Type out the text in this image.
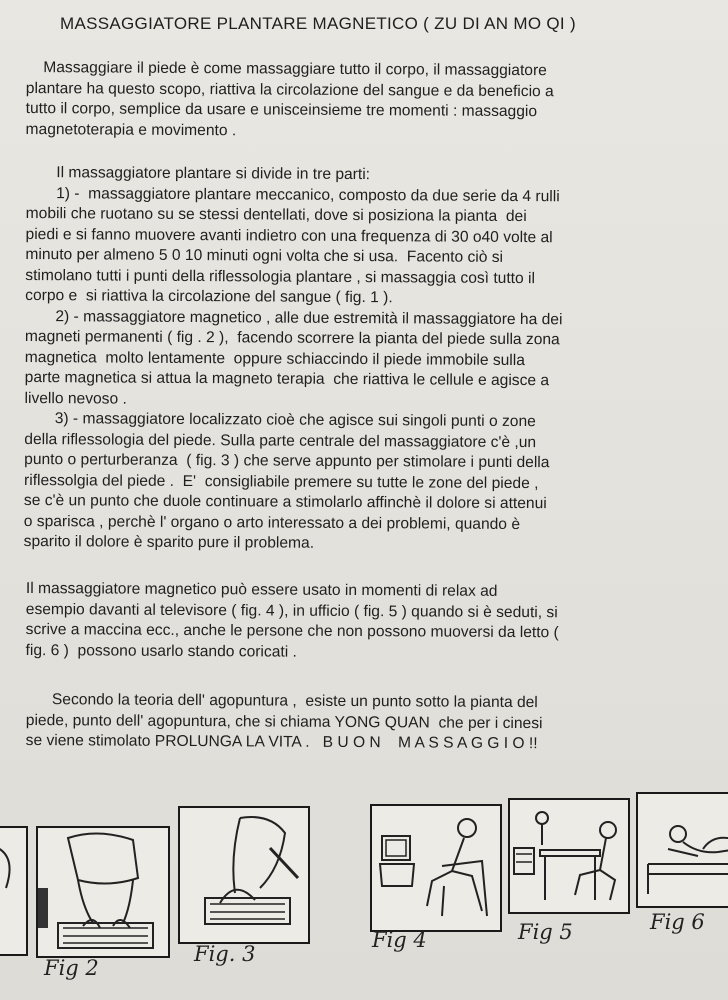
MASSAGGIATORE PLANTARE MAGNETICO ( ZU DI AN MO QI )
Massaggiare il piede è come massaggiare tutto il corpo, il massaggiatore
plantare ha questo scopo, riattiva la circolazione del sangue e da beneficio a
tutto il corpo, semplice da usare e unisceinsieme tre momenti : massaggio
magnetoterapia e movimento .
Il massaggiatore plantare si divide in tre parti:
1) -  massaggiatore plantare meccanico, composto da due serie da 4 rulli
mobili che ruotano su se stessi dentellati, dove si posiziona la pianta  dei
piedi e si fanno muovere avanti indietro con una frequenza di 30 o40 volte al
minuto per almeno 5 0 10 minuti ogni volta che si usa.  Facento ciò si
stimolano tutti i punti della riflessologia plantare , si massaggia così tutto il
corpo e  si riattiva la circolazione del sangue ( fig. 1 ).
2) - massaggiatore magnetico , alle due estremità il massaggiatore ha dei
magneti permanenti ( fig . 2 ),  facendo scorrere la pianta del piede sulla zona
magnetica  molto lentamente  oppure schiaccindo il piede immobile sulla
parte magnetica si attua la magneto terapia  che riattiva le cellule e agisce a
livello nevoso .
3) - massaggiatore localizzato cioè che agisce sui singoli punti o zone
della riflessologia del piede. Sulla parte centrale del massaggiatore c'è ,un
punto o perturberanza  ( fig. 3 ) che serve appunto per stimolare i punti della
riflessolgia del piede .  E'  consigliabile premere su tutte le zone del piede ,
se c'è un punto che duole continuare a stimolarlo affinchè il dolore si attenui
o sparisca , perchè l' organo o arto interessato a dei problemi, quando è
sparito il dolore è sparito pure il problema.
Il massaggiatore magnetico può essere usato in momenti di relax ad
esempio davanti al televisore ( fig. 4 ), in ufficio ( fig. 5 ) quando si è seduti, si
scrive a maccina ecc., anche le persone che non possono muoversi da letto (
fig. 6 )  possono usarlo stando coricati .
Secondo la teoria dell' agopuntura ,  esiste un punto sotto la pianta del
piede, punto dell' agopuntura, che si chiama YONG QUAN  che per i cinesi
se viene stimolato PROLUNGA LA VITA .   B U O N    M A S S A G G I O !!
Fig 2
Fig. 3
Fig 4	Fig 5	Fig 6
